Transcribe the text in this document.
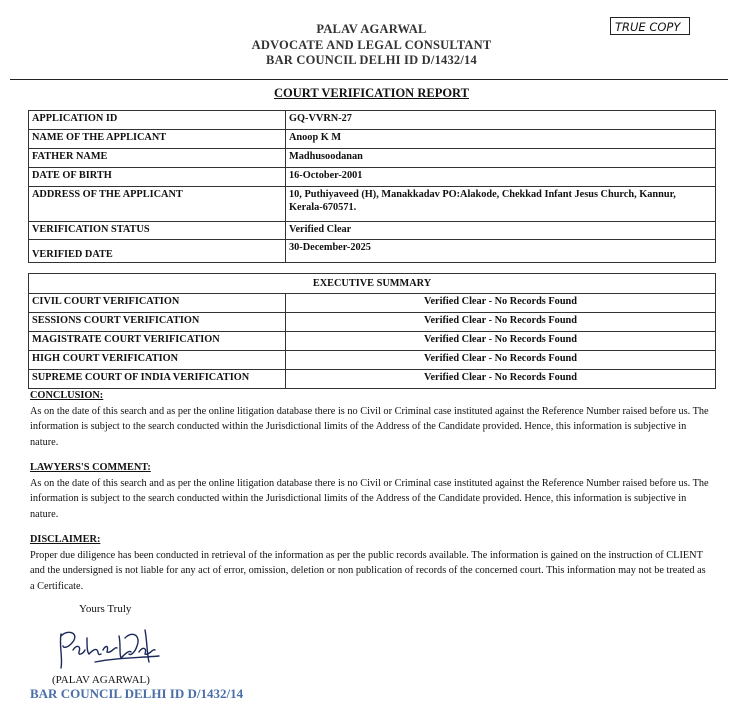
PALAV AGARWAL
ADVOCATE AND LEGAL CONSULTANT
BAR COUNCIL DELHI ID D/1432/14
TRUE COPY
COURT VERIFICATION REPORT
APPLICATION ID	GQ-VVRN-27
NAME OF THE APPLICANT	Anoop K M
FATHER NAME	Madhusoodanan
DATE OF BIRTH	16-October-2001
ADDRESS OF THE APPLICANT	10, Puthiyaveed (H), Manakkadav PO:Alakode, Chekkad Infant Jesus Church, Kannur, Kerala-670571.
VERIFICATION STATUS	Verified Clear
VERIFIED DATE	30-December-2025
EXECUTIVE SUMMARY	
CIVIL COURT VERIFICATION	Verified Clear - No Records Found
SESSIONS COURT VERIFICATION	Verified Clear - No Records Found
MAGISTRATE COURT VERIFICATION	Verified Clear - No Records Found
HIGH COURT VERIFICATION	Verified Clear - No Records Found
SUPREME COURT OF INDIA VERIFICATION	Verified Clear - No Records Found
CONCLUSION:
As on the date of this search and as per the online litigation database there is no Civil or Criminal case instituted against the Reference Number raised before us. The information is subject to the search conducted within the Jurisdictional limits of the Address of the Candidate provided. Hence, this information is subjective in nature.
LAWYERS'S COMMENT:
As on the date of this search and as per the online litigation database there is no Civil or Criminal case instituted against the Reference Number raised before us. The information is subject to the search conducted within the Jurisdictional limits of the Address of the Candidate provided. Hence, this information is subjective in nature.
DISCLAIMER:
Proper due diligence has been conducted in retrieval of the information as per the public records available. The information is gained on the instruction of CLIENT and the undersigned is not liable for any act of error, omission, deletion or non publication of records of the concerned court. This information may not be treated as a Certificate.
Yours Truly
(PALAV AGARWAL)
BAR COUNCIL DELHI ID D/1432/14
